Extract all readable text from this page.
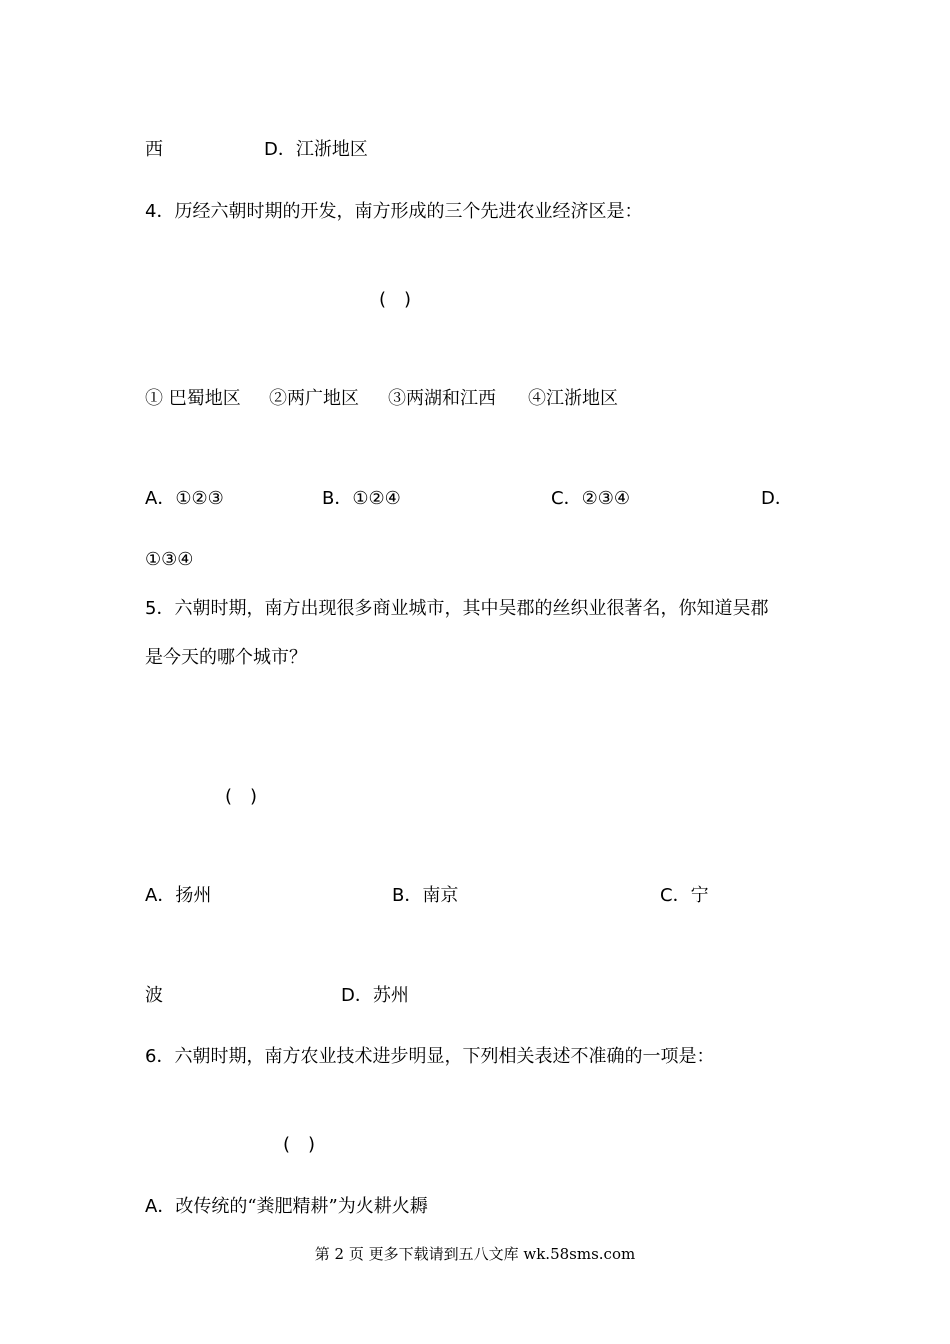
西	D．江浙地区
4．历经六朝时期的开发，南方形成的三个先进农业经济区是：
(　)
① 巴蜀地区 ②两广地区 ③两湖和江西 ④江浙地区
A．①②③	B．①②④	C．②③④	D．
①③④
5．六朝时期，南方出现很多商业城市，其中吴郡的丝织业很著名，你知道吴郡
是今天的哪个城市？
(　)
A．扬州	B．南京	C．宁
波	D．苏州
6．六朝时期，南方农业技术进步明显，下列相关表述不准确的一项是：
(　)
A．改传统的“粪肥精耕”为火耕火耨
第 2 页 更多下载请到五八文库 wk.58sms.com
